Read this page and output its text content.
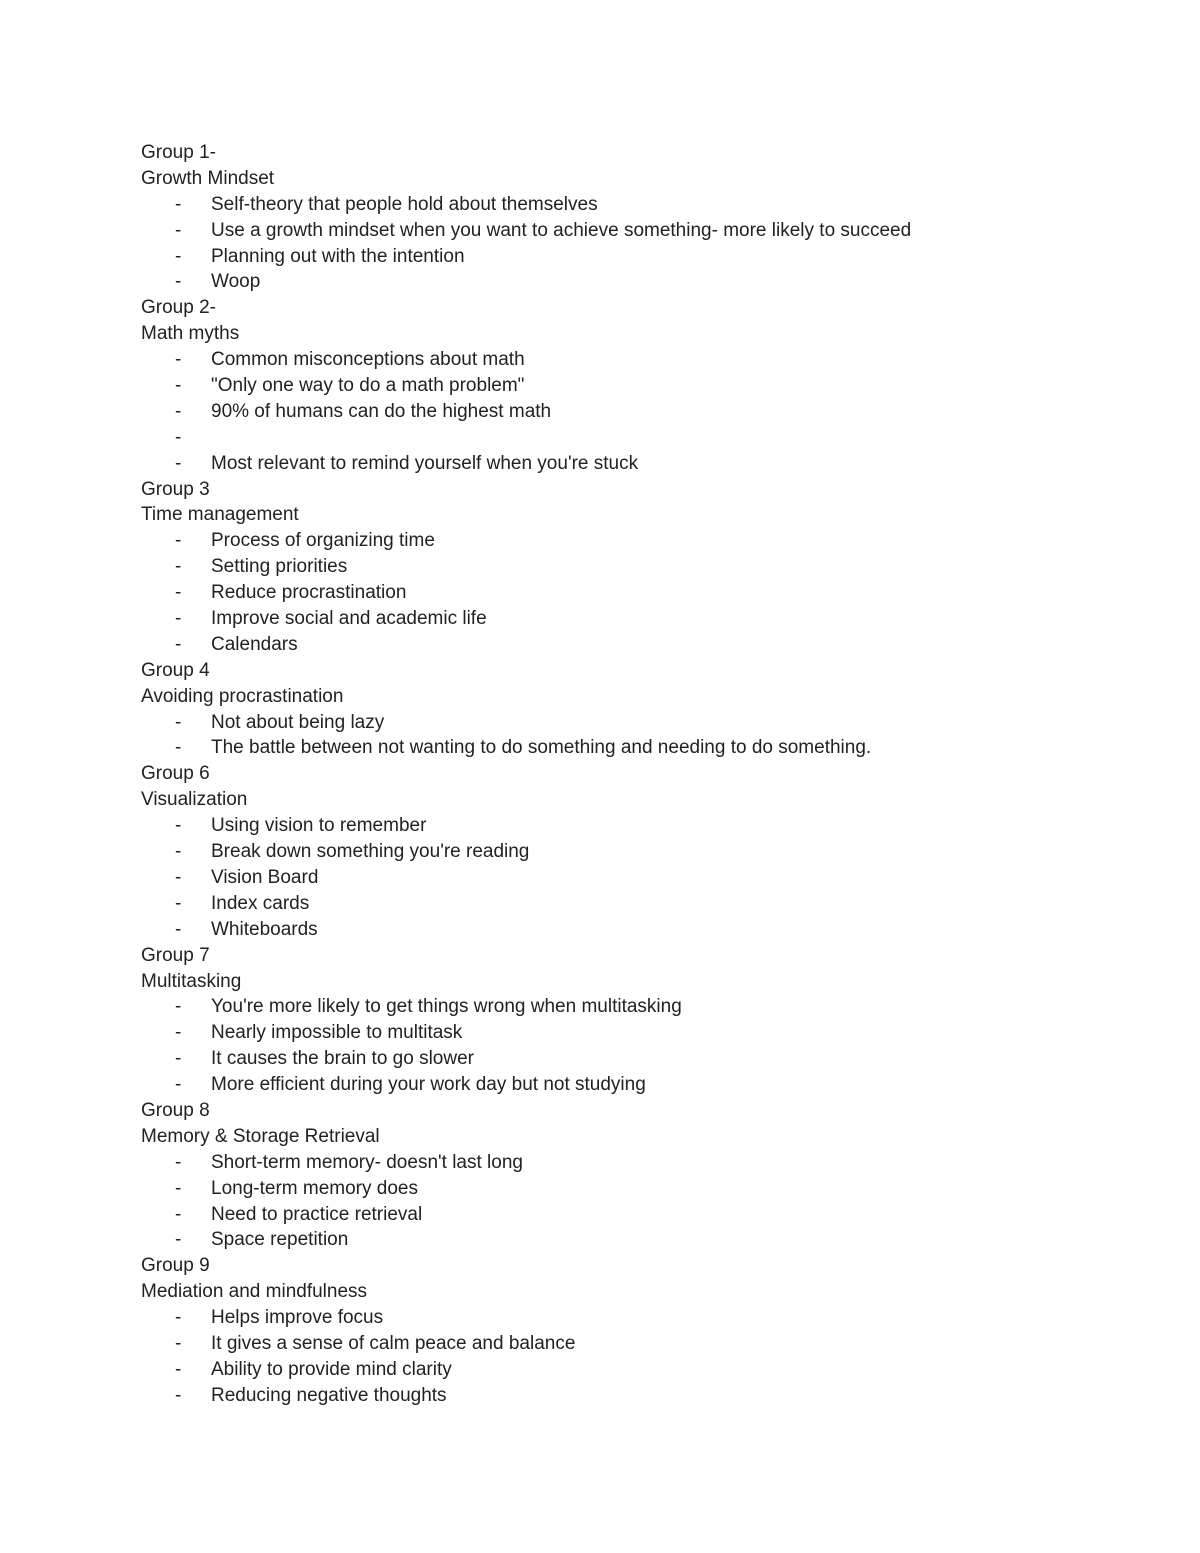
Group 1-
Growth Mindset
- Self-theory that people hold about themselves
- Use a growth mindset when you want to achieve something- more likely to succeed
- Planning out with the intention
- Woop
Group 2-
Math myths
- Common misconceptions about math
- "Only one way to do a math problem"
- 90% of humans can do the highest math
-
- Most relevant to remind yourself when you're stuck
Group 3
Time management
- Process of organizing time
- Setting priorities
- Reduce procrastination
- Improve social and academic life
- Calendars
Group 4
Avoiding procrastination
- Not about being lazy
- The battle between not wanting to do something and needing to do something.
Group 6
Visualization
- Using vision to remember
- Break down something you're reading
- Vision Board
- Index cards
- Whiteboards
Group 7
Multitasking
- You're more likely to get things wrong when multitasking
- Nearly impossible to multitask
- It causes the brain to go slower
- More efficient during your work day but not studying
Group 8
Memory & Storage Retrieval
- Short-term memory- doesn't last long
- Long-term memory does
- Need to practice retrieval
- Space repetition
Group 9
Mediation and mindfulness
- Helps improve focus
- It gives a sense of calm peace and balance
- Ability to provide mind clarity
- Reducing negative thoughts
